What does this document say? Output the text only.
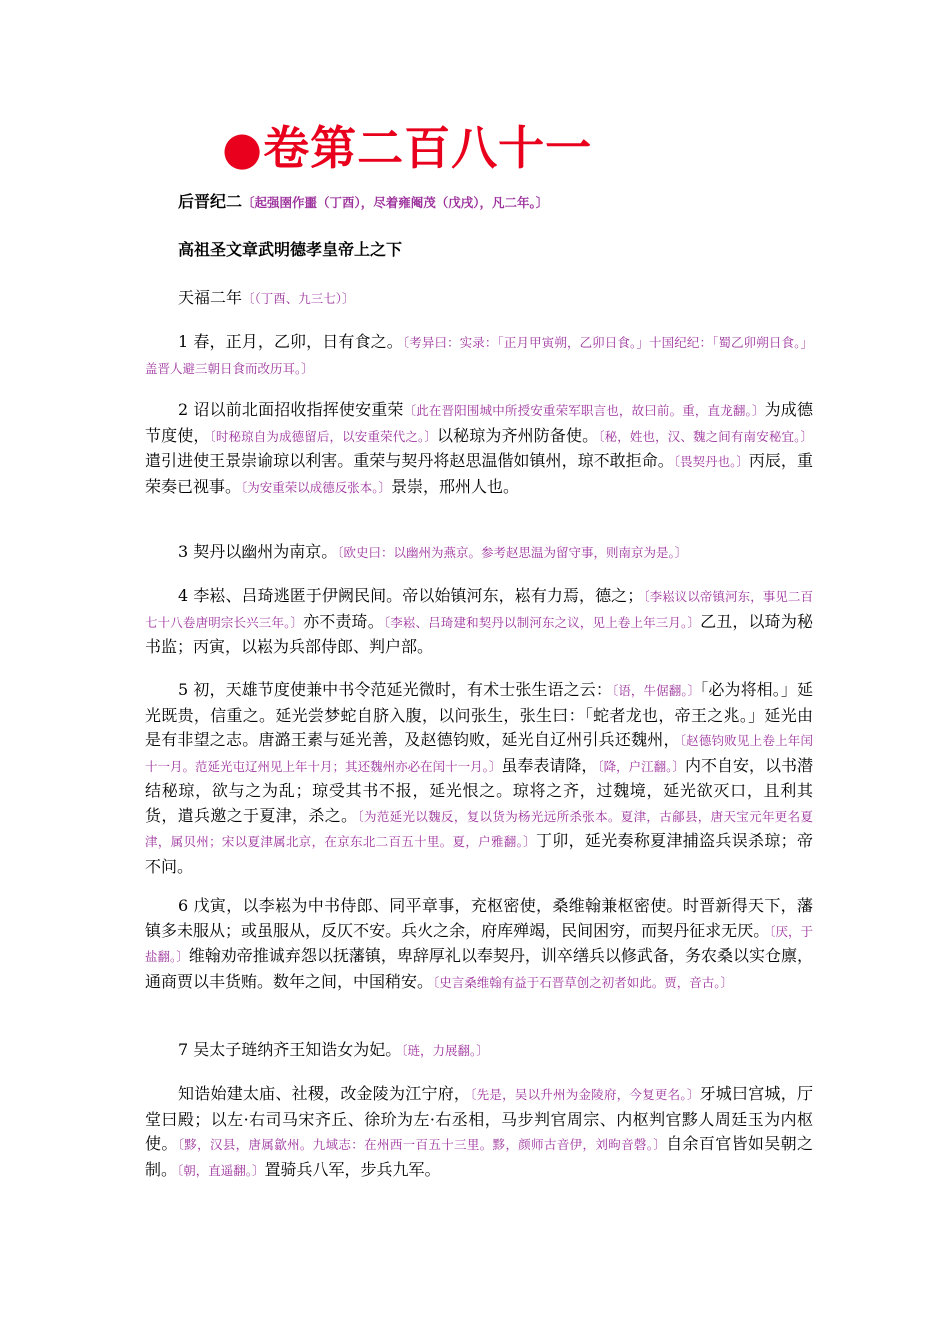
●卷第二百八十一

后晋纪二〔起强圉作噩（丁酉），尽着雍阉茂（戊戌），凡二年。〕

高祖圣文章武明德孝皇帝上之下

天福二年〔（丁酉、九三七）〕

1 春，正月，乙卯，日有食之。〔考异曰：实录：「正月甲寅朔，乙卯日食。」十国纪纪：「蜀乙卯朔日食。」盖晋人避三朝日食而改历耳。〕

2 诏以前北面招收指挥使安重荣〔此在晋阳围城中所授安重荣军职言也，故曰前。重，直龙翻。〕为成德节度使，〔时秘琼自为成德留后，以安重荣代之。〕以秘琼为齐州防备使。〔秘，姓也，汉、魏之间有南安秘宜。〕遣引进使王景崇谕琼以利害。重荣与契丹将赵思温偕如镇州，琼不敢拒命。〔畏契丹也。〕丙辰，重荣奏已视事。〔为安重荣以成德反张本。〕景崇，邢州人也。

3 契丹以幽州为南京。〔欧史曰：以幽州为燕京。参考赵思温为留守事，则南京为是。〕

4 李崧、吕琦逃匿于伊阙民间。帝以始镇河东，崧有力焉，德之；〔李崧议以帝镇河东，事见二百七十八卷唐明宗长兴三年。〕亦不责琦。〔李崧、吕琦建和契丹以制河东之议，见上卷上年三月。〕乙丑，以琦为秘书监；丙寅，以崧为兵部侍郎、判户部。

5 初，天雄节度使兼中书令范延光微时，有术士张生语之云：〔语，牛倨翻。〕「必为将相。」延光既贵，信重之。延光尝梦蛇自脐入腹，以问张生，张生曰：「蛇者龙也，帝王之兆。」延光由是有非望之志。唐潞王素与延光善，及赵德钧败，延光自辽州引兵还魏州，〔赵德钧败见上卷上年闰十一月。范延光屯辽州见上年十月；其还魏州亦必在闰十一月。〕虽奉表请降，〔降，户江翻。〕内不自安，以书潜结秘琼，欲与之为乱；琼受其书不报，延光恨之。琼将之齐，过魏境，延光欲灭口，且利其货，遣兵邀之于夏津，杀之。〔为范延光以魏反，复以货为杨光远所杀张本。夏津，古鄃县，唐天宝元年更名夏津，属贝州；宋以夏津属北京，在京东北二百五十里。夏，户雅翻。〕丁卯，延光奏称夏津捕盗兵误杀琼；帝不问。

6 戊寅，以李崧为中书侍郎、同平章事，充枢密使，桑维翰兼枢密使。时晋新得天下，藩镇多未服从；或虽服从，反仄不安。兵火之余，府库殚竭，民间困穷，而契丹征求无厌。〔厌，于盐翻。〕维翰劝帝推诚弃怨以抚藩镇，卑辞厚礼以奉契丹，训卒缮兵以修武备，务农桑以实仓廪，通商贾以丰货贿。数年之间，中国稍安。〔史言桑维翰有益于石晋草创之初者如此。贾，音古。〕

7 吴太子琏纳齐王知诰女为妃。〔琏，力展翻。〕

知诰始建太庙、社稷，改金陵为江宁府，〔先是，吴以升州为金陵府，今复更名。〕牙城曰宫城，厅堂曰殿；以左·右司马宋齐丘、徐玠为左·右丞相，马步判官周宗、内枢判官黟人周廷玉为内枢使。〔黟，汉县，唐属歙州。九域志：在州西一百五十三里。黟，颜师古音伊，刘昫音磬。〕自余百官皆如吴朝之制。〔朝，直遥翻。〕置骑兵八军，步兵九军。
